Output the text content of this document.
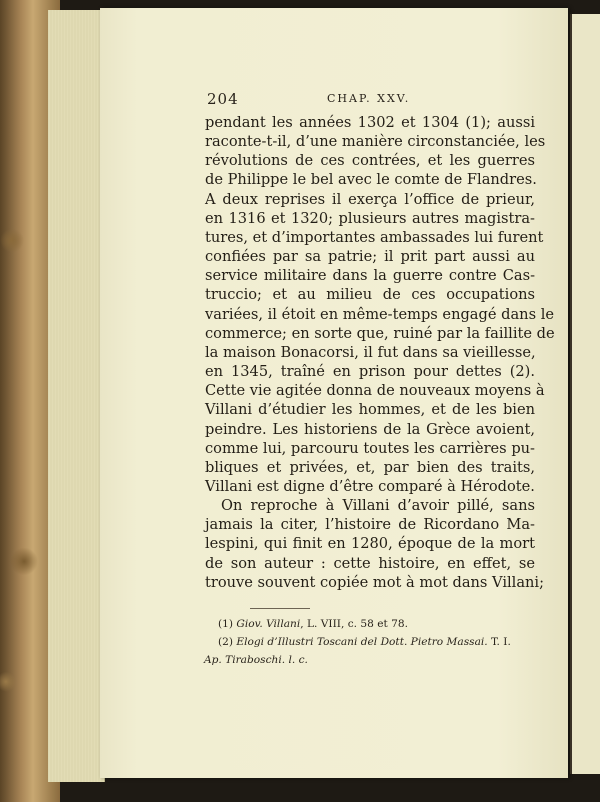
204	CHAP. XXV.
pendant les années 1302 et 1304 (1); aussi
raconte-t-il, d’une manière circonstanciée, les
révolutions de ces contrées, et les guerres
de Philippe le bel avec le comte de Flandres.
A deux reprises il exerça l’office de prieur,
en 1316 et 1320; plusieurs autres magistra-
tures, et d’importantes ambassades lui furent
confiées par sa patrie; il prit part aussi au
service militaire dans la guerre contre Cas-
truccio; et au milieu de ces occupations
variées, il étoit en même-temps engagé dans le
commerce; en sorte que, ruiné par la faillite de
la maison Bonacorsi, il fut dans sa vieillesse,
en 1345, traîné en prison pour dettes (2).
Cette vie agitée donna de nouveaux moyens à
Villani d’étudier les hommes, et de les bien
peindre. Les historiens de la Grèce avoient,
comme lui, parcouru toutes les carrières pu-
bliques et privées, et, par bien des traits,
Villani est digne d’être comparé à Hérodote.
On reproche à Villani d’avoir pillé, sans
jamais la citer, l’histoire de Ricordano Ma-
lespini, qui finit en 1280, époque de la mort
de son auteur : cette histoire, en effet, se
trouve souvent copiée mot à mot dans Villani;
(1) Giov. Villani, L. VIII, c. 58 et 78.
(2) Elogi d’Illustri Toscani del Dott. Pietro Massai. T. I.
Ap. Tiraboschi. l. c.
